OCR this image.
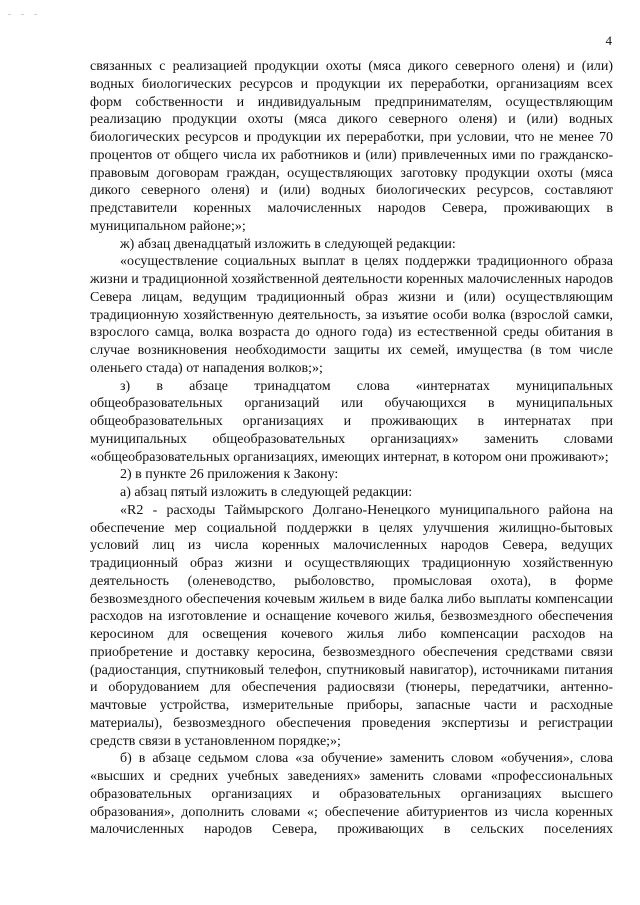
4

связанных с реализацией продукции охоты (мяса дикого северного оленя) и (или) водных биологических ресурсов и продукции их переработки, организациям всех форм собственности и индивидуальным предпринимателям, осуществляющим реализацию продукции охоты (мяса дикого северного оленя) и (или) водных биологических ресурсов и продукции их переработки, при условии, что не менее 70 процентов от общего числа их работников и (или) привлеченных ими по гражданско-правовым договорам граждан, осуществляющих заготовку продукции охоты (мяса дикого северного оленя) и (или) водных биологических ресурсов, составляют представители коренных малочисленных народов Севера, проживающих в муниципальном районе;»;

ж) абзац двенадцатый изложить в следующей редакции:

«осуществление социальных выплат в целях поддержки традиционного образа жизни и традиционной хозяйственной деятельности коренных малочисленных народов Севера лицам, ведущим традиционный образ жизни и (или) осуществляющим традиционную хозяйственную деятельность, за изъятие особи волка (взрослой самки, взрослого самца, волка возраста до одного года) из естественной среды обитания в случае возникновения необходимости защиты их семей, имущества (в том числе оленьего стада) от нападения волков;»;

з) в абзаце тринадцатом слова «интернатах муниципальных общеобразовательных организаций или обучающихся в муниципальных общеобразовательных организациях и проживающих в интернатах при муниципальных общеобразовательных организациях» заменить словами «общеобразовательных организациях, имеющих интернат, в котором они проживают»;

2) в пункте 26 приложения к Закону:

а) абзац пятый изложить в следующей редакции:

«R2 - расходы Таймырского Долгано-Ненецкого муниципального района на обеспечение мер социальной поддержки в целях улучшения жилищно-бытовых условий лиц из числа коренных малочисленных народов Севера, ведущих традиционный образ жизни и осуществляющих традиционную хозяйственную деятельность (оленеводство, рыболовство, промысловая охота), в форме безвозмездного обеспечения кочевым жильем в виде балка либо выплаты компенсации расходов на изготовление и оснащение кочевого жилья, безвозмездного обеспечения керосином для освещения кочевого жилья либо компенсации расходов на приобретение и доставку керосина, безвозмездного обеспечения средствами связи (радиостанция, спутниковый телефон, спутниковый навигатор), источниками питания и оборудованием для обеспечения радиосвязи (тюнеры, передатчики, антенно-мачтовые устройства, измерительные приборы, запасные части и расходные материалы), безвозмездного обеспечения проведения экспертизы и регистрации средств связи в установленном порядке;»;

б) в абзаце седьмом слова «за обучение» заменить словом «обучения», слова «высших и средних учебных заведениях» заменить словами «профессиональных образовательных организациях и образовательных организациях высшего образования», дополнить словами «; обеспечение абитуриентов из числа коренных малочисленных народов Севера, проживающих в сельских поселениях
